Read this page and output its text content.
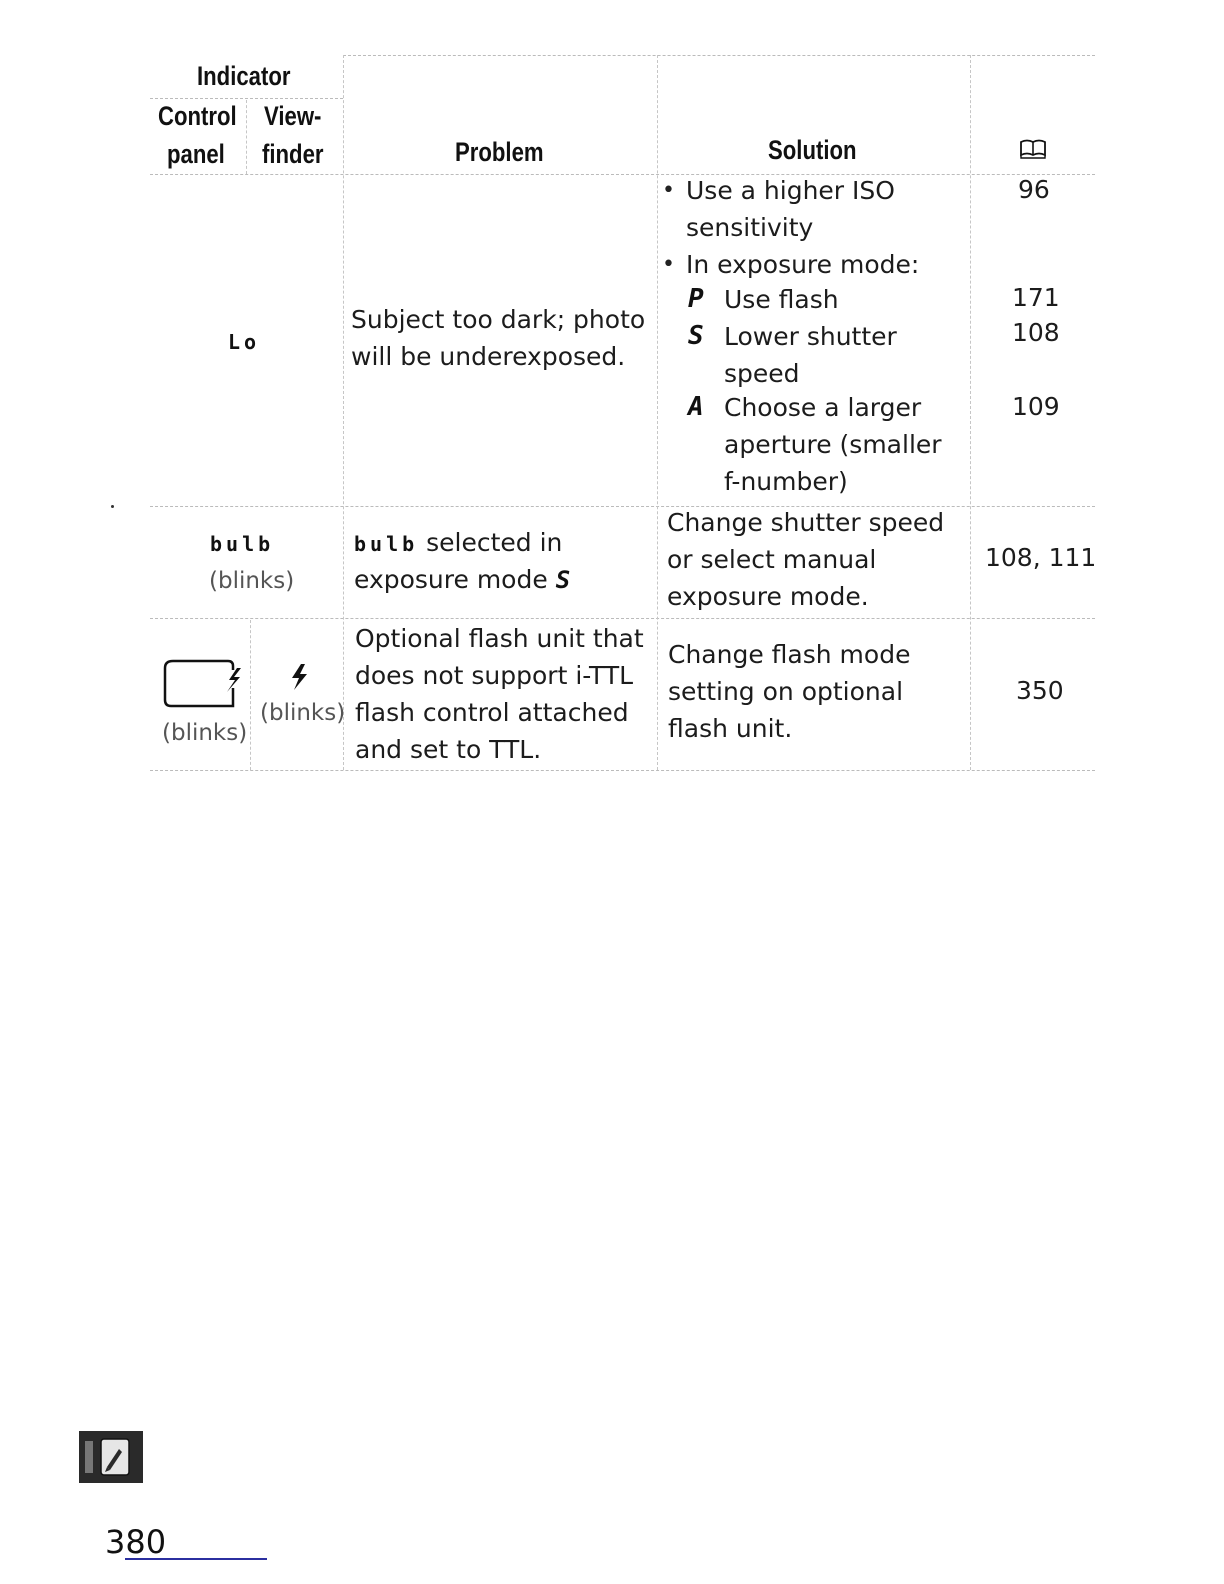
Indicator
Control
panel
View-
finder	Problem	Solution
Lo
Subject too dark; photo
will be underexposed.
• Use a higher ISO
sensitivity
• In exposure mode:
P Use flash
S Lower shutter
speed
A Choose a larger
aperture (smaller
f-number)
96
171
108
109
bulb
(blinks)
bulb selected in
exposure mode S
Change shutter speed
or select manual
exposure mode.
108, 111
(blinks)
(blinks)
Optional flash unit that
does not support i-TTL
flash control attached
and set to TTL.
Change flash mode
setting on optional
flash unit.
350
380
